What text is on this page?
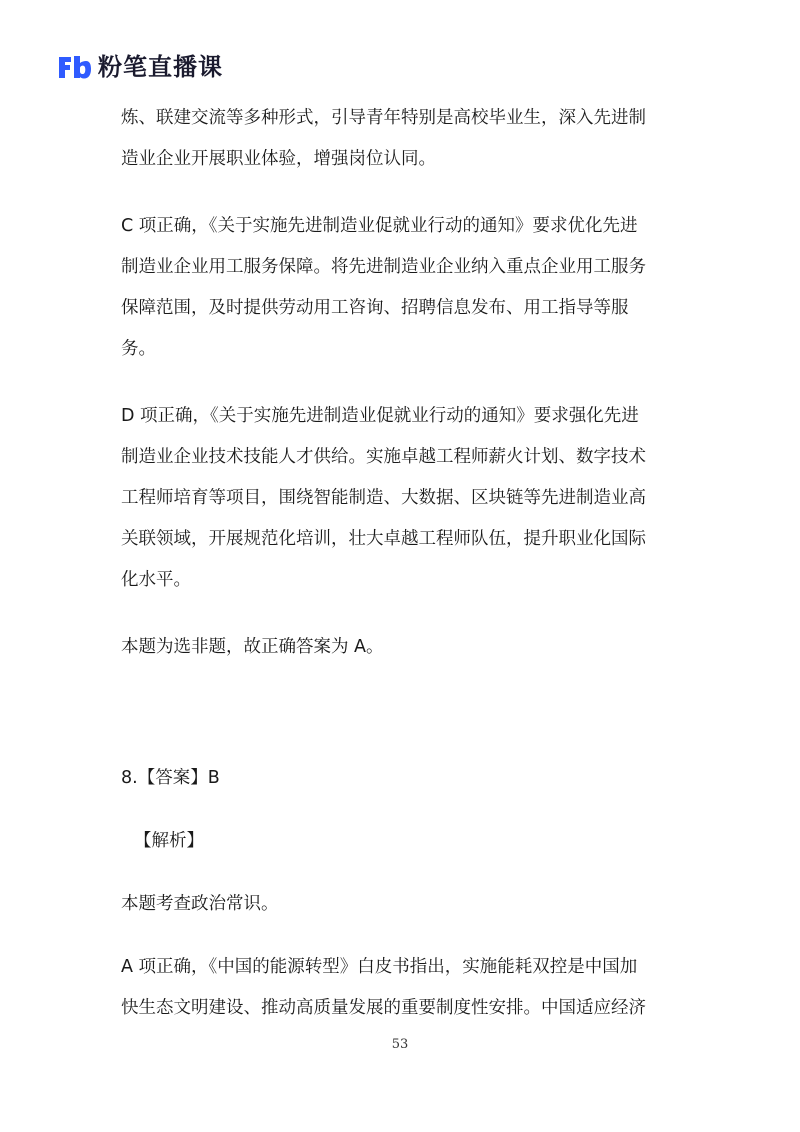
粉笔直播课

炼、联建交流等多种形式，引导青年特别是高校毕业生，深入先进制
造业企业开展职业体验，增强岗位认同。

C 项正确，《关于实施先进制造业促就业行动的通知》要求优化先进
制造业企业用工服务保障。将先进制造业企业纳入重点企业用工服务
保障范围，及时提供劳动用工咨询、招聘信息发布、用工指导等服
务。

D 项正确，《关于实施先进制造业促就业行动的通知》要求强化先进
制造业企业技术技能人才供给。实施卓越工程师薪火计划、数字技术
工程师培育等项目，围绕智能制造、大数据、区块链等先进制造业高
关联领域，开展规范化培训，壮大卓越工程师队伍，提升职业化国际
化水平。

本题为选非题，故正确答案为 A。

8.【答案】B

【解析】

本题考查政治常识。

A 项正确，《中国的能源转型》白皮书指出，实施能耗双控是中国加
快生态文明建设、推动高质量发展的重要制度性安排。中国适应经济

53
